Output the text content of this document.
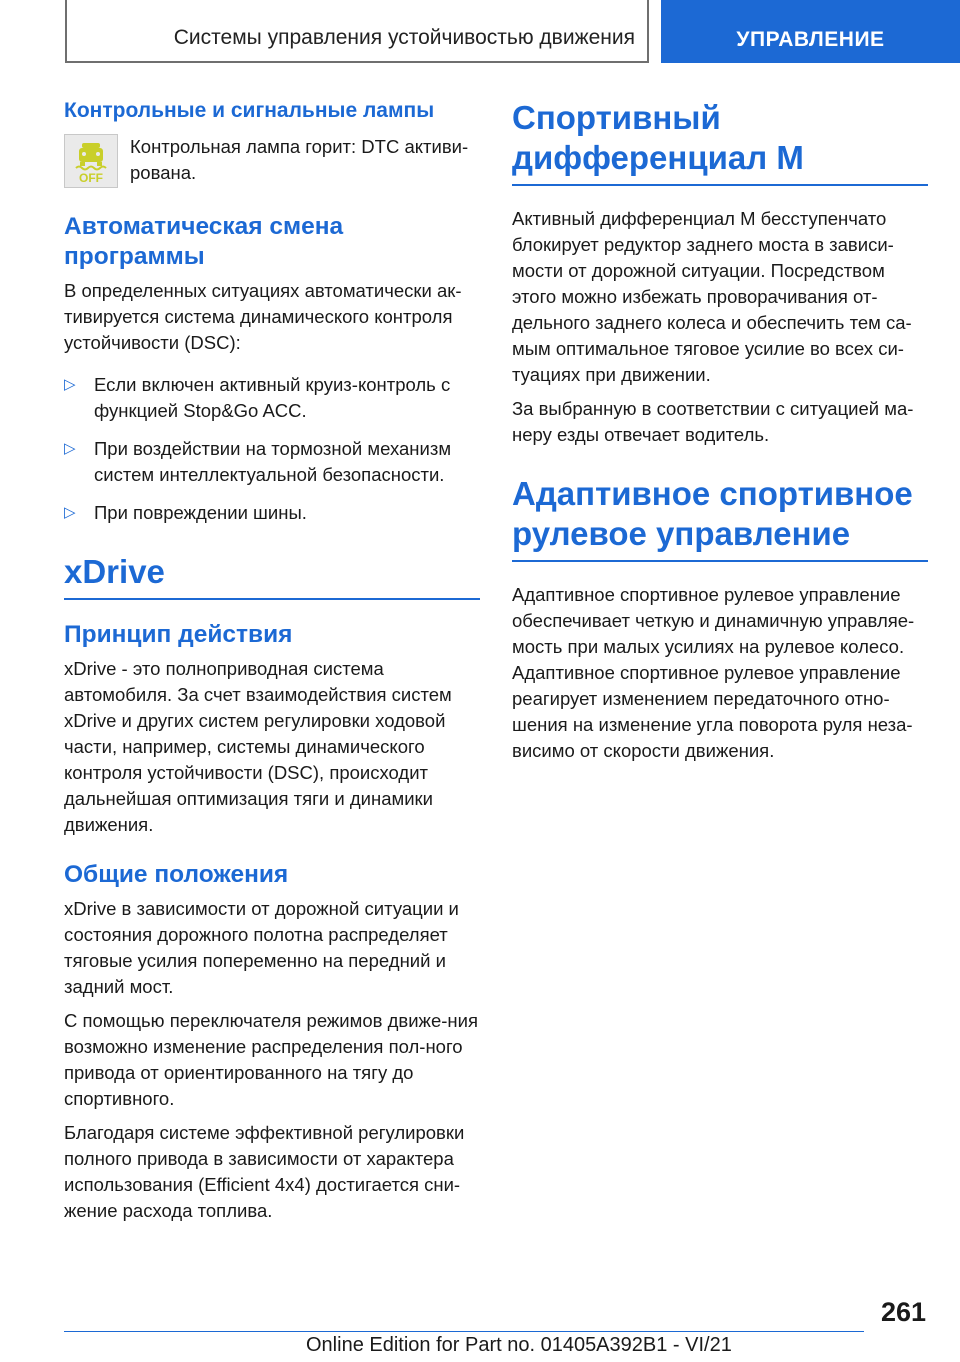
Системы управления устойчивостью движения	УПРАВЛЕНИЕ
Контрольные и сигнальные лампы
OFF

Контрольная лампа горит: DTC активи-рована.

Автоматическая смена программы

В определенных ситуациях автоматически ак-тивируется система динамического контроля устойчивости (DSC):

▷ Если включен активный круиз-контроль с функцией Stop&Go ACC.
▷ При воздействии на тормозной механизм систем интеллектуальной безопасности.
▷ При повреждении шины.
xDrive
Принцип действия

xDrive - это полноприводная система автомобиля. За счет взаимодействия систем xDrive и других систем регулировки ходовой части, например, системы динамического контроля устойчивости (DSC), происходит дальнейшая оптимизация тяги и динамики движения.

Общие положения

xDrive в зависимости от дорожной ситуации и состояния дорожного полотна распределяет тяговые усилия попеременно на передний и задний мост.

С помощью переключателя режимов движе-ния возможно изменение распределения пол-ного привода от ориентированного на тягу до спортивного.

Благодаря системе эффективной регулировки полного привода в зависимости от характера использования (Efficient 4x4) достигается сни-жение расхода топлива.

Спортивный дифференциал M

Активный дифференциал M бесступенчато блокирует редуктор заднего моста в зависи-мости от дорожной ситуации. Посредством этого можно избежать проворачивания от-дельного заднего колеса и обеспечить тем са-мым оптимальное тяговое усилие во всех си-туациях при движении.

За выбранную в соответствии с ситуацией ма-неру езды отвечает водитель.

Адаптивное спортивное рулевое управление

Адаптивное спортивное рулевое управление обеспечивает четкую и динамичную управляе-мость при малых усилиях на рулевое колесо. Адаптивное спортивное рулевое управление реагирует изменением передаточного отно-шения на изменение угла поворота руля неза-висимо от скорости движения.

261
Online Edition for Part no. 01405A392B1 - VI/21
